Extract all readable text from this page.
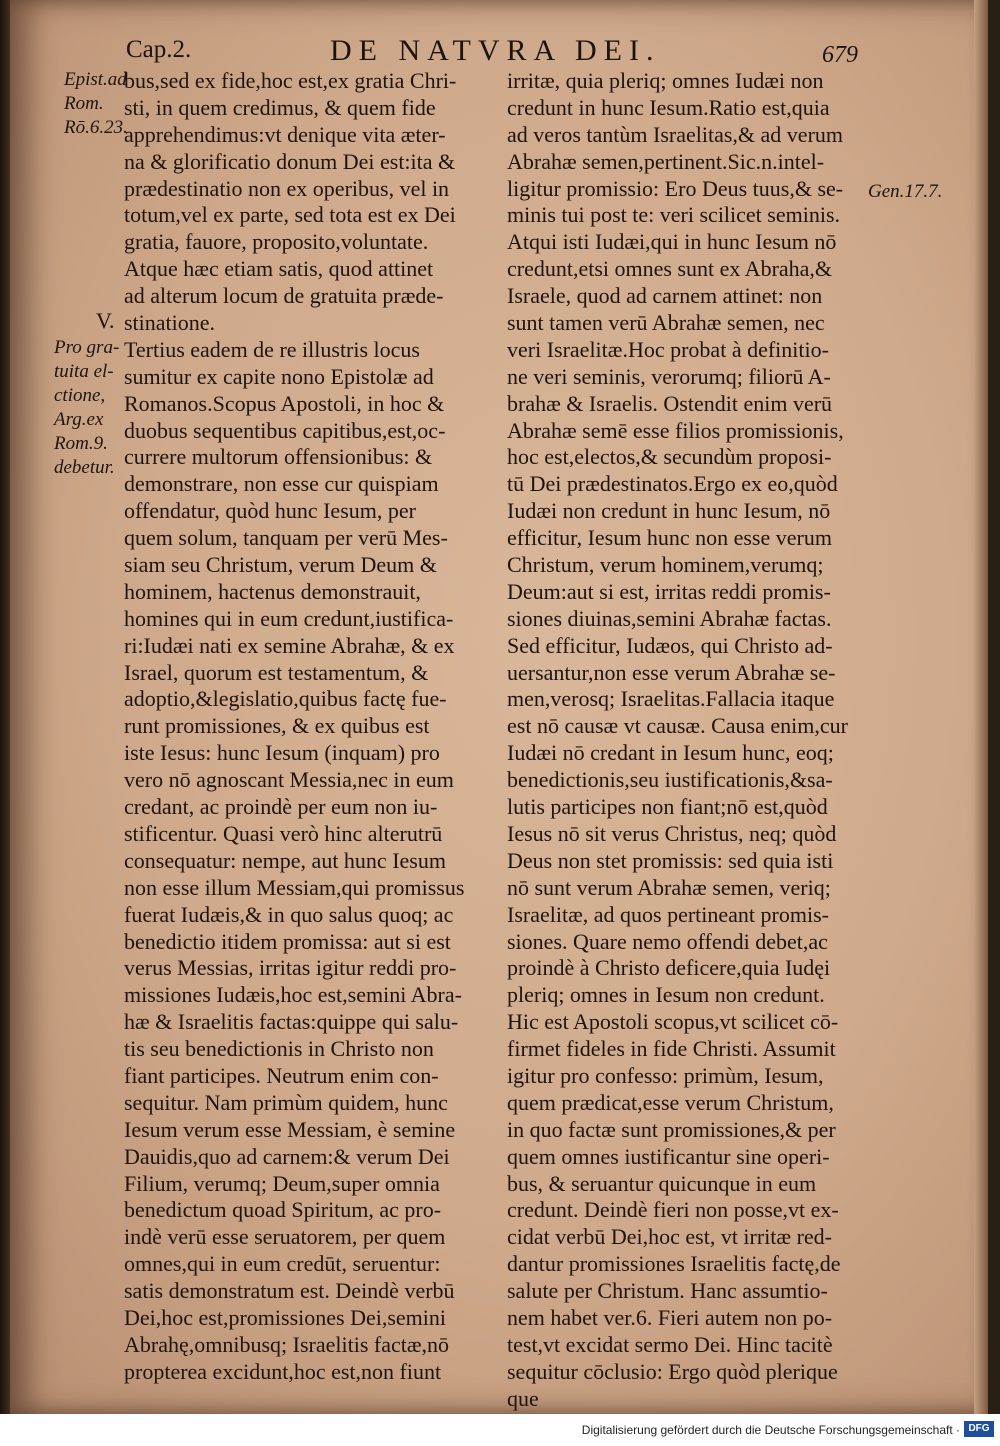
Cap.2.	DE NATVRA DEI.	679
Epist.ad
Rom.
Rō.6.23.
V.
Pro gra-
tuita el-
ctione,
Arg.ex
Rom.9.
debetur.
Gen.17.7.
bus,sed ex fide,hoc est,ex gratia Chri-
sti, in quem credimus, & quem fide
apprehendimus:vt denique vita æter-
na & glorificatio donum Dei est:ita &
prædestinatio non ex operibus, vel in
totum,vel ex parte, sed tota est ex Dei
gratia, fauore, proposito,voluntate.
Atque hæc etiam satis, quod attinet
ad alterum locum de gratuita præde-
stinatione.
Tertius eadem de re illustris locus
sumitur ex capite nono Epistolæ ad
Romanos.Scopus Apostoli, in hoc &
duobus sequentibus capitibus,est,oc-
currere multorum offensionibus: &
demonstrare, non esse cur quispiam
offendatur, quòd hunc Iesum, per
quem solum, tanquam per verū Mes-
siam seu Christum, verum Deum &
hominem, hactenus demonstrauit,
homines qui in eum credunt,iustifica-
ri:Iudæi nati ex semine Abrahæ, & ex
Israel, quorum est testamentum, &
adoptio,&legislatio,quibus factę fue-
runt promissiones, & ex quibus est
iste Iesus: hunc Iesum (inquam) pro
vero nō agnoscant Messia,nec in eum
credant, ac proindè per eum non iu-
stificentur. Quasi verò hinc alterutrū
consequatur: nempe, aut hunc Iesum
non esse illum Messiam,qui promissus
fuerat Iudæis,& in quo salus quoq; ac
benedictio itidem promissa: aut si est
verus Messias, irritas igitur reddi pro-
missiones Iudæis,hoc est,semini Abra-
hæ & Israelitis factas:quippe qui salu-
tis seu benedictionis in Christo non
fiant participes. Neutrum enim con-
sequitur. Nam primùm quidem, hunc
Iesum verum esse Messiam, è semine
Dauidis,quo ad carnem:& verum Dei
Filium, verumq; Deum,super omnia
benedictum quoad Spiritum, ac pro-
indè verū esse seruatorem, per quem
omnes,qui in eum credūt, seruentur:
satis demonstratum est. Deindè verbū
Dei,hoc est,promissiones Dei,semini
Abrahę,omnibusq; Israelitis factæ,nō
propterea excidunt,hoc est,non fiunt
irritæ, quia pleriq; omnes Iudæi non
credunt in hunc Iesum.Ratio est,quia
ad veros tantùm Israelitas,& ad verum
Abrahæ semen,pertinent.Sic.n.intel-
ligitur promissio: Ero Deus tuus,& se-
minis tui post te: veri scilicet seminis.
Atqui isti Iudæi,qui in hunc Iesum nō
credunt,etsi omnes sunt ex Abraha,&
Israele, quod ad carnem attinet: non
sunt tamen verū Abrahæ semen, nec
veri Israelitæ.Hoc probat à definitio-
ne veri seminis, verorumq; filiorū A-
brahæ & Israelis. Ostendit enim verū
Abrahæ semē esse filios promissionis,
hoc est,electos,& secundùm proposi-
tū Dei prædestinatos.Ergo ex eo,quòd
Iudæi non credunt in hunc Iesum, nō
efficitur, Iesum hunc non esse verum
Christum, verum hominem,verumq;
Deum:aut si est, irritas reddi promis-
siones diuinas,semini Abrahæ factas.
Sed efficitur, Iudæos, qui Christo ad-
uersantur,non esse verum Abrahæ se-
men,verosq; Israelitas.Fallacia itaque
est nō causæ vt causæ. Causa enim,cur
Iudæi nō credant in Iesum hunc, eoq;
benedictionis,seu iustificationis,&sa-
lutis participes non fiant;nō est,quòd
Iesus nō sit verus Christus, neq; quòd
Deus non stet promissis: sed quia isti
nō sunt verum Abrahæ semen, veriq;
Israelitæ, ad quos pertineant promis-
siones. Quare nemo offendi debet,ac
proindè à Christo deficere,quia Iudęi
pleriq; omnes in Iesum non credunt.
Hic est Apostoli scopus,vt scilicet cō-
firmet fideles in fide Christi. Assumit
igitur pro confesso: primùm, Iesum,
quem prædicat,esse verum Christum,
in quo factæ sunt promissiones,& per
quem omnes iustificantur sine operi-
bus, & seruantur quicunque in eum
credunt. Deindè fieri non posse,vt ex-
cidat verbū Dei,hoc est, vt irritæ red-
dantur promissiones Israelitis factę,de
salute per Christum. Hanc assumtio-
nem habet ver.6. Fieri autem non po-
test,vt excidat sermo Dei. Hinc tacitè
sequitur cōclusio: Ergo quòd plerique
que
Digitalisierung gefördert durch die Deutsche Forschungsgemeinschaft · DFG
